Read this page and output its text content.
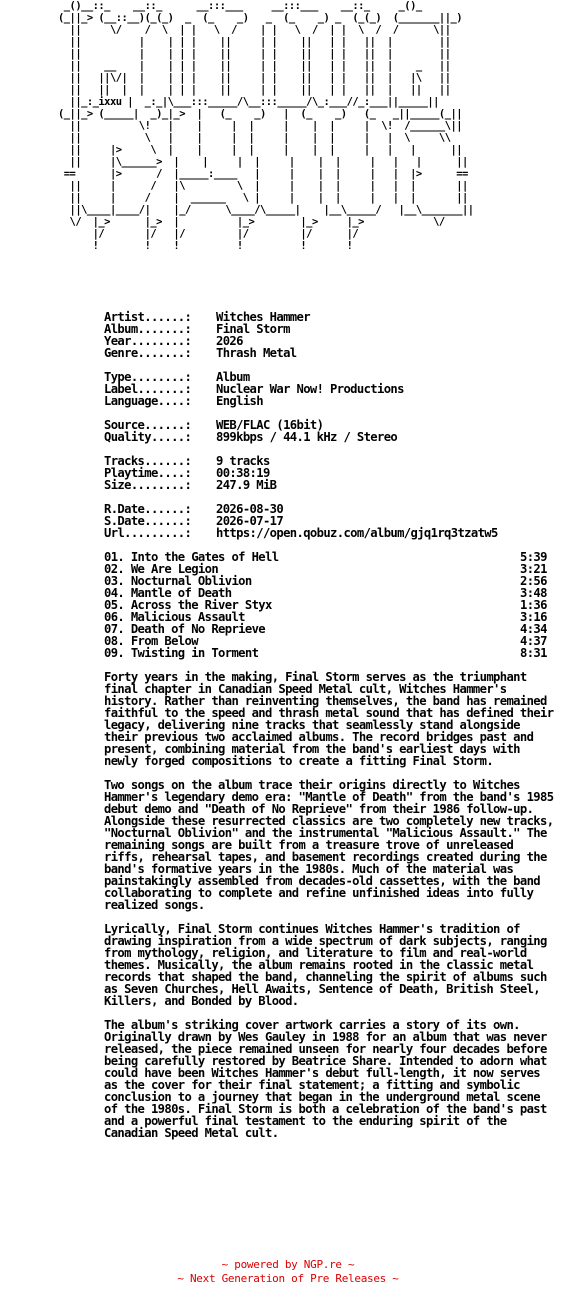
_()__::_    __::_      __:::___     __:::___    __::_     _()_
(_||_> (__::__)(_(_)  _  (_    _)   _  (_    _) _  (_(_)  (_______||_)
||     \/    /  \  | |   \  /    | |   \  /  | |  \  /  /      \||
||          |    | | |    ||     | |    ||   | |   ||  |        ||
||          |    | | |    ||     | |    ||   | |   ||  |        ||
||    __    |    | | |    ||     | |    ||   | |   ||  |    _   ||
||   ||\/|  |    | | |    ||     | |    ||   | |   ||  |   |\   ||
||   ||  |  |    | | |    ||     | |    ||   | |   ||  |   ||   ||
||_:_ixxu |  _:_|\___:::_____/\__:::_____/\_:___//_:___||_____||
(_||_> (_____|  _)_|_>  |   (_    _)   |  (_    _)   (_   _||_____(_||
||          \!   |    |     |  |     |    |  |     |  \!  /______\||
||           \   |    |     |  |     |    |  |     |   |  \     \\
||     |>     \  |    |     |  |     |    |  |     |   |   |      ||
||     |\______>  |    |     |  |     |    |  |     |   |   |      ||
==      |>      /  |_____:____   |     |    |  |     |   |  |>      ==
||     |      /   |\         \  |     |    |  |     |   |  |       ||
||     |     /    |  ______   \ |     |    |  |     |   |  |       ||
||\____|____/|    |_/      \____/\_____|    |__\_____/   |__\_______||
\/  |_>      |_>  |          |_>        |_>     |_>            \/
|/       |/   |/         |/         |/      |/
!        !    !          !          !       !
Artist......: Witches Hammer
Album.......: Final Storm
Year........: 2026
Genre.......: Thrash Metal
Type........: Album
Label.......: Nuclear War Now! Productions
Language....: English
Source......: WEB/FLAC (16bit)
Quality.....: 899kbps / 44.1 kHz / Stereo
Tracks......: 9 tracks
Playtime....: 00:38:19
Size........: 247.9 MiB
R.Date......: 2026-08-30
S.Date......: 2026-07-17
Url.........: https://open.qobuz.com/album/gjq1rq3tzatw5
01. Into the Gates of Hell	5:39
02. We Are Legion	3:21
03. Nocturnal Oblivion	2:56
04. Mantle of Death	3:48
05. Across the River Styx	1:36
06. Malicious Assault	3:16
07. Death of No Reprieve	4:34
08. From Below	4:37
09. Twisting in Torment	8:31

Forty years in the making, Final Storm serves as the triumphant final chapter in Canadian Speed Metal cult, Witches Hammer's history. Rather than reinventing themselves, the band has remained faithful to the speed and thrash metal sound that has defined their legacy, delivering nine tracks that seamlessly stand alongside their previous two acclaimed albums. The record bridges past and present, combining material from the band's earliest days with newly forged compositions to create a fitting Final Storm.

Two songs on the album trace their origins directly to Witches Hammer's legendary demo era: "Mantle of Death" from the band's 1985 debut demo and "Death of No Reprieve" from their 1986 follow-up. Alongside these resurrected classics are two completely new tracks, "Nocturnal Oblivion" and the instrumental "Malicious Assault." The remaining songs are built from a treasure trove of unreleased riffs, rehearsal tapes, and basement recordings created during the band's formative years in the 1980s. Much of the material was painstakingly assembled from decades-old cassettes, with the band collaborating to complete and refine unfinished ideas into fully realized songs.

Lyrically, Final Storm continues Witches Hammer's tradition of drawing inspiration from a wide spectrum of dark subjects, ranging from mythology, religion, and literature to film and real-world themes. Musically, the album remains rooted in the classic metal records that shaped the band, channeling the spirit of albums such as Seven Churches, Hell Awaits, Sentence of Death, British Steel, Killers, and Bonded by Blood.

The album's striking cover artwork carries a story of its own. Originally drawn by Wes Gauley in 1988 for an album that was never released, the piece remained unseen for nearly four decades before being carefully restored by Beatrice Share. Intended to adorn what could have been Witches Hammer's debut full-length, it now serves as the cover for their final statement; a fitting and symbolic conclusion to a journey that began in the underground metal scene of the 1980s. Final Storm is both a celebration of the band's past and a powerful final testament to the enduring spirit of the Canadian Speed Metal cult.

~ powered by NGP.re ~
~ Next Generation of Pre Releases ~
